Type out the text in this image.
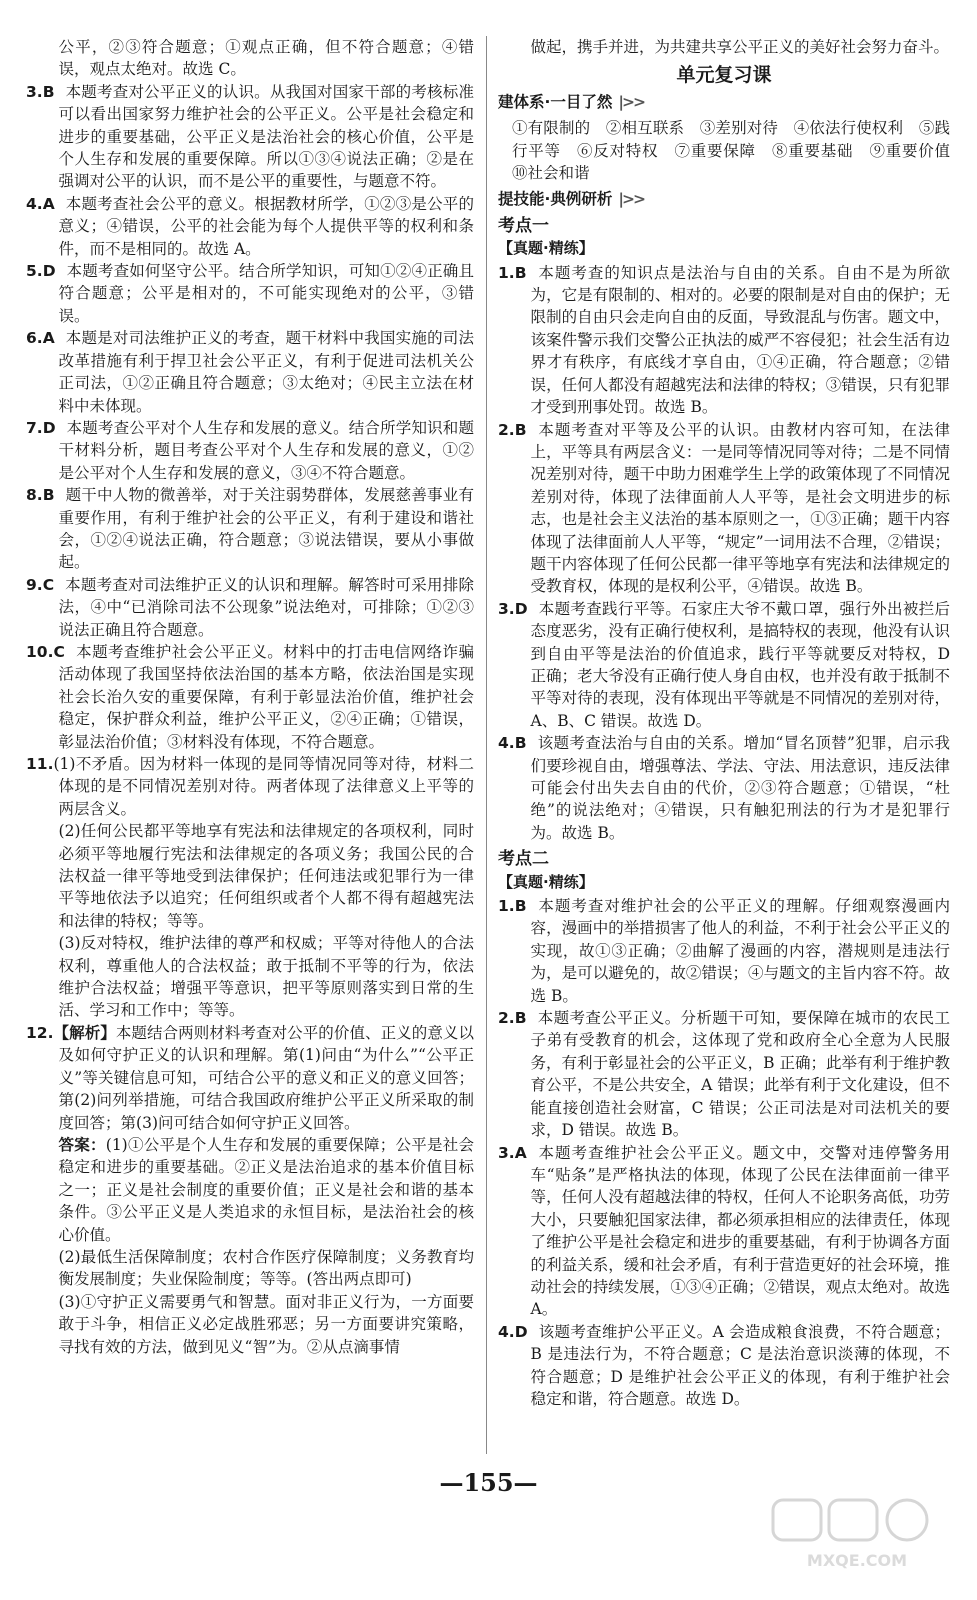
公平，②③符合题意；①观点正确，但不符合题意；④错误，观点太绝对。故选 C。

3.B 本题考查对公平正义的认识。从我国对国家干部的考核标准可以看出国家努力维护社会的公平正义。公平是社会稳定和进步的重要基础，公平正义是法治社会的核心价值，公平是个人生存和发展的重要保障。所以①③④说法正确；②是在强调对公平的认识，而不是公平的重要性，与题意不符。

4.A 本题考查社会公平的意义。根据教材所学，①②③是公平的意义；④错误，公平的社会能为每个人提供平等的权利和条件，而不是相同的。故选 A。

5.D 本题考查如何坚守公平。结合所学知识，可知①②④正确且符合题意；公平是相对的，不可能实现绝对的公平，③错误。

6.A 本题是对司法维护正义的考查，题干材料中我国实施的司法改革措施有利于捍卫社会公平正义，有利于促进司法机关公正司法，①②正确且符合题意；③太绝对；④民主立法在材料中未体现。

7.D 本题考查公平对个人生存和发展的意义。结合所学知识和题干材料分析，题目考查公平对个人生存和发展的意义，①②是公平对个人生存和发展的意义，③④不符合题意。

8.B 题干中人物的微善举，对于关注弱势群体，发展慈善事业有重要作用，有利于维护社会的公平正义，有利于建设和谐社会，①②④说法正确，符合题意；③说法错误，要从小事做起。

9.C 本题考查对司法维护正义的认识和理解。解答时可采用排除法，④中“已消除司法不公现象”说法绝对，可排除；①②③说法正确且符合题意。

10.C 本题考查维护社会公平正义。材料中的打击电信网络诈骗活动体现了我国坚持依法治国的基本方略，依法治国是实现社会长治久安的重要保障，有利于彰显法治价值，维护社会稳定，保护群众利益，维护公平正义，②④正确；①错误，彰显法治价值；③材料没有体现，不符合题意。

11.(1)不矛盾。因为材料一体现的是同等情况同等对待，材料二体现的是不同情况差别对待。两者体现了法律意义上平等的两层含义。

(2)任何公民都平等地享有宪法和法律规定的各项权利，同时必须平等地履行宪法和法律规定的各项义务；我国公民的合法权益一律平等地受到法律保护；任何违法或犯罪行为一律平等地依法予以追究；任何组织或者个人都不得有超越宪法和法律的特权；等等。

(3)反对特权，维护法律的尊严和权威；平等对待他人的合法权利，尊重他人的合法权益；敢于抵制不平等的行为，依法维护合法权益；增强平等意识，把平等原则落实到日常的生活、学习和工作中；等等。

12.【解析】本题结合两则材料考查对公平的价值、正义的意义以及如何守护正义的认识和理解。第(1)问由“为什么”“公平正义”等关键信息可知，可结合公平的意义和正义的意义回答；第(2)问列举措施，可结合我国政府维护公平正义所采取的制度回答；第(3)问可结合如何守护正义回答。

答案：(1)①公平是个人生存和发展的重要保障；公平是社会稳定和进步的重要基础。②正义是法治追求的基本价值目标之一；正义是社会制度的重要价值；正义是社会和谐的基本条件。③公平正义是人类追求的永恒目标，是法治社会的核心价值。

(2)最低生活保障制度；农村合作医疗保障制度；义务教育均衡发展制度；失业保险制度；等等。(答出两点即可)

(3)①守护正义需要勇气和智慧。面对非正义行为，一方面要敢于斗争，相信正义必定战胜邪恶；另一方面要讲究策略，寻找有效的方法，做到见义“智”为。②从点滴事情

做起，携手并进，为共建共享公平正义的美好社会努力奋斗。

单元复习课
建体系·一目了然 |>>

①有限制的　②相互联系　③差别对待　④依法行使权利　⑤践行平等　⑥反对特权　⑦重要保障　⑧重要基础　⑨重要价值　⑩社会和谐

提技能·典例研析 |>>
考点一
【真题·精练】

1.B 本题考查的知识点是法治与自由的关系。自由不是为所欲为，它是有限制的、相对的。必要的限制是对自由的保护；无限制的自由只会走向自由的反面，导致混乱与伤害。题文中，该案件警示我们交警公正执法的威严不容侵犯；社会生活有边界才有秩序，有底线才享自由，①④正确，符合题意；②错误，任何人都没有超越宪法和法律的特权；③错误，只有犯罪才受到刑事处罚。故选 B。

2.B 本题考查对平等及公平的认识。由教材内容可知，在法律上，平等具有两层含义：一是同等情况同等对待；二是不同情况差别对待，题干中助力困难学生上学的政策体现了不同情况差别对待，体现了法律面前人人平等，是社会文明进步的标志，也是社会主义法治的基本原则之一，①③正确；题干内容体现了法律面前人人平等，“规定”一词用法不合理，②错误；题干内容体现了任何公民都一律平等地享有宪法和法律规定的受教育权，体现的是权利公平，④错误。故选 B。

3.D 本题考查践行平等。石家庄大爷不戴口罩，强行外出被拦后态度恶劣，没有正确行使权利，是搞特权的表现，他没有认识到自由平等是法治的价值追求，践行平等就要反对特权，D 正确；老大爷没有正确行使人身自由权，也并没有敢于抵制不平等对待的表现，没有体现出平等就是不同情况的差别对待，A、B、C 错误。故选 D。

4.B 该题考查法治与自由的关系。增加“冒名顶替”犯罪，启示我们要珍视自由，增强尊法、学法、守法、用法意识，违反法律可能会付出失去自由的代价，②③符合题意；①错误，“杜绝”的说法绝对；④错误，只有触犯刑法的行为才是犯罪行为。故选 B。

考点二
【真题·精练】

1.B 本题考查对维护社会的公平正义的理解。仔细观察漫画内容，漫画中的举措损害了他人的利益，不利于社会公平正义的实现，故①③正确；②曲解了漫画的内容，潜规则是违法行为，是可以避免的，故②错误；④与题文的主旨内容不符。故选 B。

2.B 本题考查公平正义。分析题干可知，要保障在城市的农民工子弟有受教育的机会，这体现了党和政府全心全意为人民服务，有利于彰显社会的公平正义，B 正确；此举有利于维护教育公平，不是公共安全，A 错误；此举有利于文化建设，但不能直接创造社会财富，C 错误；公正司法是对司法机关的要求，D 错误。故选 B。

3.A 本题考查维护社会公平正义。题文中，交警对违停警务用车“贴条”是严格执法的体现，体现了公民在法律面前一律平等，任何人没有超越法律的特权，任何人不论职务高低，功劳大小，只要触犯国家法律，都必须承担相应的法律责任，体现了维护公平是社会稳定和进步的重要基础，有利于协调各方面的利益关系，缓和社会矛盾，有利于营造更好的社会环境，推动社会的持续发展，①③④正确；②错误，观点太绝对。故选 A。

4.D 该题考查维护公平正义。A 会造成粮食浪费，不符合题意；B 是违法行为，不符合题意；C 是法治意识淡薄的体现，不符合题意；D 是维护社会公平正义的体现，有利于维护社会稳定和谐，符合题意。故选 D。

—155—
MXQE.COM
